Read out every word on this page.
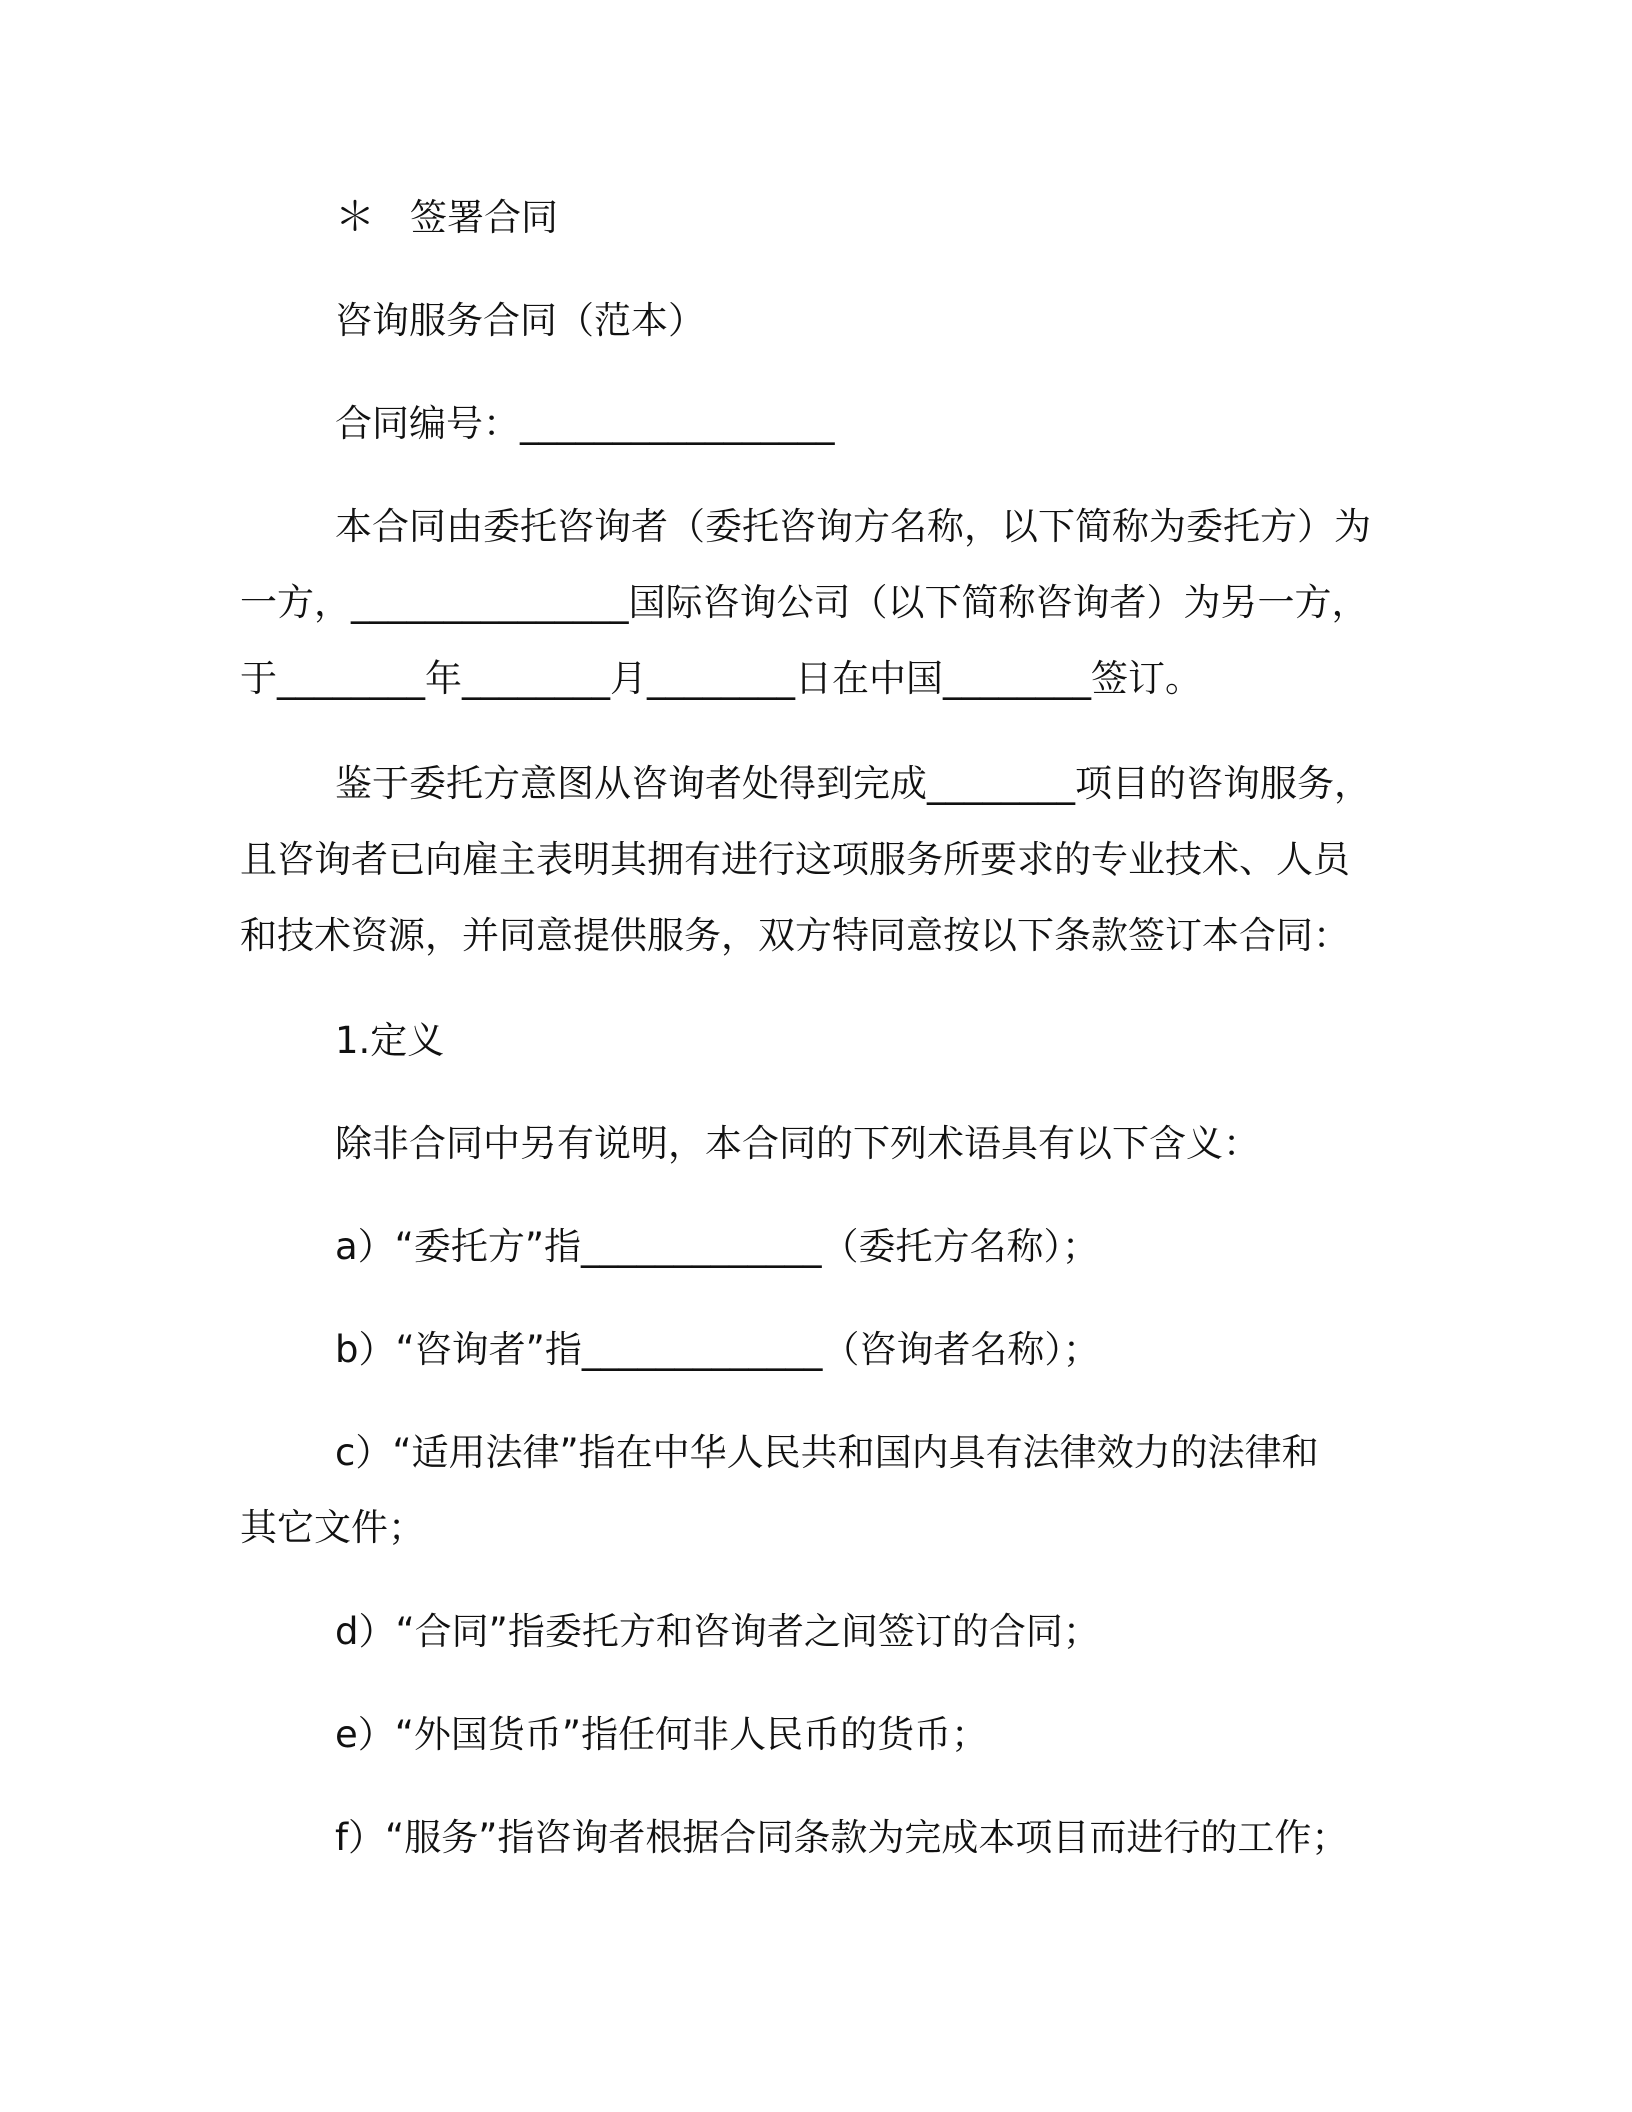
＊ 签署合同
咨询服务合同（范本）
合同编号：_________________
本合同由委托咨询者（委托咨询方名称，以下简称为委托方）为
一方，_______________国际咨询公司（以下简称咨询者）为另一方，
于________年________月________日在中国________签订。
鉴于委托方意图从咨询者处得到完成________项目的咨询服务，
且咨询者已向雇主表明其拥有进行这项服务所要求的专业技术、人员
和技术资源，并同意提供服务，双方特同意按以下条款签订本合同：
1.定义
除非合同中另有说明，本合同的下列术语具有以下含义：
a）“委托方”指_____________（委托方名称）；
b）“咨询者”指_____________（咨询者名称）；
c）“适用法律”指在中华人民共和国内具有法律效力的法律和
其它文件；
d）“合同”指委托方和咨询者之间签订的合同；
e）“外国货币”指任何非人民币的货币；
f）“服务”指咨询者根据合同条款为完成本项目而进行的工作；
